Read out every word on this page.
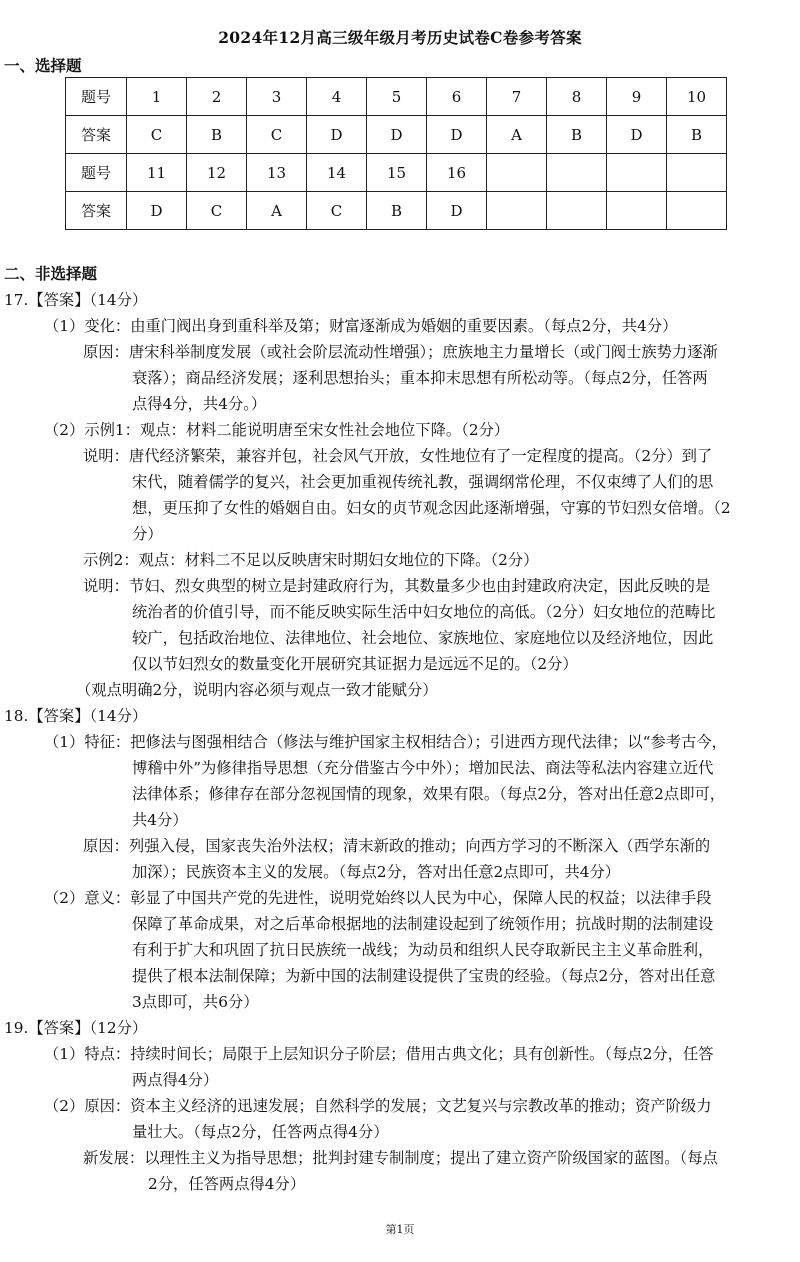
2024年12月高三级年级月考历史试卷C卷参考答案
一、选择题
题号	1	2	3	4	5	6	7	8	9	10
答案	C	B	C	D	D	D	A	B	D	B
题号	11	12	13	14	15	16				
答案	D	C	A	C	B	D				
二、非选择题
17.【答案】（14分）
（1）变化：由重门阀出身到重科举及第；财富逐渐成为婚姻的重要因素。（每点2分，共4分）
原因：唐宋科举制度发展（或社会阶层流动性增强）；庶族地主力量增长（或门阀士族势力逐渐
衰落）；商品经济发展；逐利思想抬头；重本抑末思想有所松动等。（每点2分，任答两
点得4分，共4分。）
（2）示例1：观点：材料二能说明唐至宋女性社会地位下降。（2分）
说明：唐代经济繁荣，兼容并包，社会风气开放，女性地位有了一定程度的提高。（2分）到了
宋代，随着儒学的复兴，社会更加重视传统礼教，强调纲常伦理，不仅束缚了人们的思
想，更压抑了女性的婚姻自由。妇女的贞节观念因此逐渐增强，守寡的节妇烈女倍增。（2
分）
示例2：观点：材料二不足以反映唐宋时期妇女地位的下降。（2分）
说明：节妇、烈女典型的树立是封建政府行为，其数量多少也由封建政府决定，因此反映的是
统治者的价值引导，而不能反映实际生活中妇女地位的高低。（2分）妇女地位的范畴比
较广，包括政治地位、法律地位、社会地位、家族地位、家庭地位以及经济地位，因此
仅以节妇烈女的数量变化开展研究其证据力是远远不足的。（2分）
（观点明确2分，说明内容必须与观点一致才能赋分）
18.【答案】（14分）
（1）特征：把修法与图强相结合（修法与维护国家主权相结合）；引进西方现代法律；以“参考古今，
博稽中外”为修律指导思想（充分借鉴古今中外）；增加民法、商法等私法内容建立近代
法律体系；修律存在部分忽视国情的现象，效果有限。（每点2分，答对出任意2点即可，
共4分）
原因：列强入侵，国家丧失治外法权；清末新政的推动；向西方学习的不断深入（西学东渐的
加深）；民族资本主义的发展。（每点2分，答对出任意2点即可，共4分）
（2）意义：彰显了中国共产党的先进性，说明党始终以人民为中心，保障人民的权益；以法律手段
保障了革命成果，对之后革命根据地的法制建设起到了统领作用；抗战时期的法制建设
有利于扩大和巩固了抗日民族统一战线；为动员和组织人民夺取新民主主义革命胜利，
提供了根本法制保障；为新中国的法制建设提供了宝贵的经验。（每点2分，答对出任意
3点即可，共6分）
19.【答案】（12分）
（1）特点：持续时间长；局限于上层知识分子阶层；借用古典文化；具有创新性。（每点2分，任答
两点得4分）
（2）原因：资本主义经济的迅速发展；自然科学的发展；文艺复兴与宗教改革的推动；资产阶级力
量壮大。（每点2分，任答两点得4分）
新发展：以理性主义为指导思想；批判封建专制制度；提出了建立资产阶级国家的蓝图。（每点
2分，任答两点得4分）
第1页
